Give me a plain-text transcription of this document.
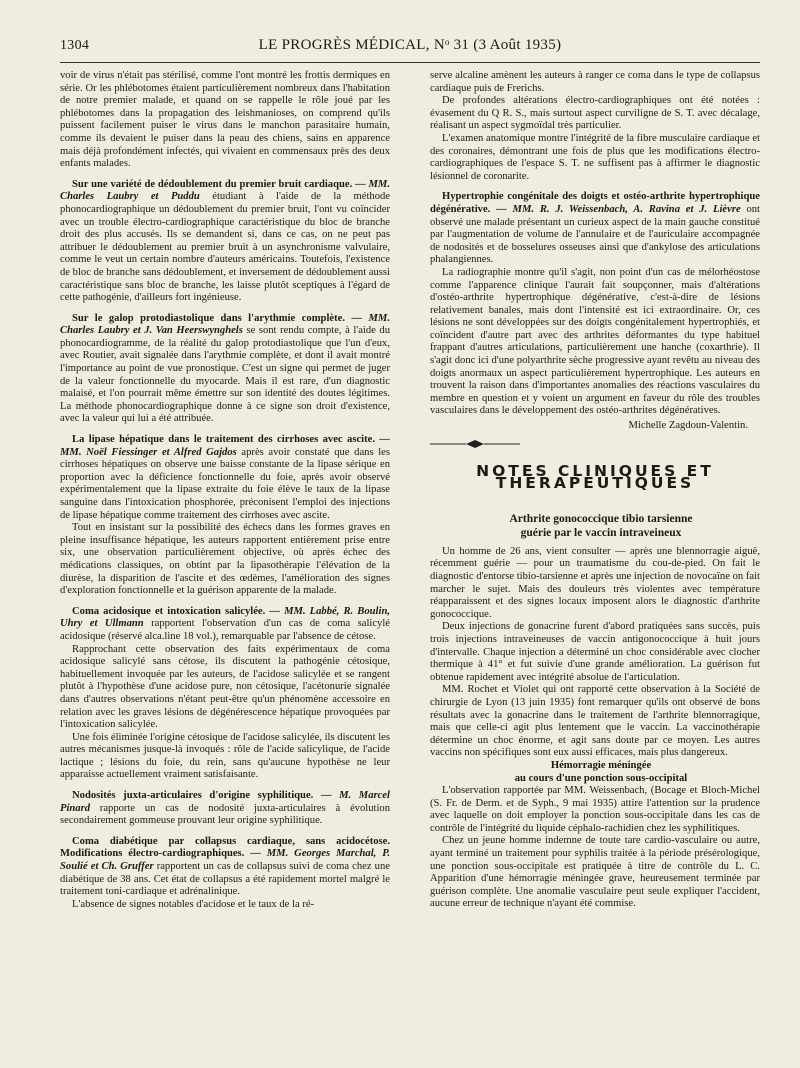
1304	LE PROGRÈS MÉDICAL, Nᵒ 31 (3 Août 1935)

voir de virus n'était pas stérilisé, comme l'ont montré les frottis dermiques en série. Or les phlébotomes étaient particulièrement nombreux dans l'habitation de notre premier malade, et quand on se rappelle le rôle joué par les phlébotomes dans la propagation des leishmanioses, on comprend qu'ils puissent facilement puiser le virus dans le manchon parasitaire humain, comme ils devaient le puiser dans la peau des chiens, sains en apparence mais déjà profondément infectés, qui vivaient en commensaux près des deux enfants malades.

Sur une variété de dédoublement du premier bruit cardiaque. — MM. Charles Laubry et Puddu étudiant à l'aide de la méthode phonocardiographique un dédoublement du premier bruit, l'ont vu coïncider avec un trouble électro-cardiographique caractéristique du bloc de branche droit des plus accusés. Ils se demandent si, dans ce cas, on ne peut pas attribuer le dédoublement au premier bruit à un asynchronisme valvulaire, comme le veut un certain nombre d'auteurs américains. Toutefois, l'existence de bloc de branche sans dédoublement, et inversement de dédoublement aussi caractéristique sans bloc de branche, les laisse plutôt sceptiques à l'égard de cette pathogénie, d'ailleurs fort ingénieuse.

Sur le galop protodiastolique dans l'arythmie complète. — MM. Charles Laubry et J. Van Heerswynghels se sont rendu compte, à l'aide du phonocardiogramme, de la réalité du galop protodiastolique que l'un d'eux, avec Routier, avait signalée dans l'arythmie complète, et dont il avait montré l'importance au point de vue pronostique. C'est un signe qui permet de juger de la valeur fonctionnelle du myocarde. Mais il est rare, d'un diagnostic malaisé, et l'on pourrait même émettre sur son identité des doutes légitimes. La méthode phonocardiographique donne à ce signe son droit d'existence, avec la valeur qui lui a été attribuée.

La lipase hépatique dans le traitement des cirrhoses avec ascite. — MM. Noël Fiessinger et Alfred Gajdos après avoir constaté que dans les cirrhoses hépatiques on observe une baisse constante de la lipase sérique en proportion avec la déficience fonctionnelle du foie, après avoir observé expérimentalement que la lipase extraite du foie élève le taux de la lipase sanguine dans l'intoxication phosphorée, préconisent l'emploi des injections de lipase hépatique comme traitement des cirrhoses avec ascite.

Tout en insistant sur la possibilité des échecs dans les formes graves en pleine insuffisance hépatique, les auteurs rapportent entièrement prise entre six, une observation particulièrement objective, où après échec des médications classiques, on obtint par la lipasothérapie l'élévation de la diurèse, la disparition de l'ascite et des œdèmes, l'amélioration des signes d'exploration fonctionnelle et la guérison apparente de la malade.

Coma acidosique et intoxication salicylée. — MM. Labbé, R. Boulin, Uhry et Ullmann rapportent l'observation d'un cas de coma salicylé acidosique (réservé alca.line 18 vol.), remarquable par l'absence de cétose.

Rapprochant cette observation des faits expérimentaux de coma acidosique salicylé sans cétose, ils discutent la pathogénie cétosique, habituellement invoquée par les auteurs, de l'acidose salicylée et se rangent plutôt à l'hypothèse d'une acidose pure, non cétosique, l'acétonurie signalée dans d'autres observations n'étant peut-être qu'un phénomène accessoire en relation avec les graves lésions de dégénérescence hépatique provoquées par l'intoxication salicylée.

Une fois éliminée l'origine cétosique de l'acidose salicylée, ils discutent les autres mécanismes jusque-là invoqués : rôle de l'acide salicylique, de l'acide lactique ; lésions du foie, du rein, sans qu'aucune hypothèse ne leur apparaisse actuellement vraiment satisfaisante.

Nodosités juxta-articulaires d'origine syphilitique. — M. Marcel Pinard rapporte un cas de nodosité juxta-articulaires à évolution secondairement gommeuse prouvant leur origine syphilitique.

Coma diabétique par collapsus cardiaque, sans acidocétose. Modifications électro-cardiographiques. — MM. Georges Marchal, P. Soulié et Ch. Gruffer rapportent un cas de collapsus suivi de coma chez une diabétique de 38 ans. Cet état de collapsus a été rapidement mortel malgré le traitement toni-cardiaque et adrénalinique.

L'absence de signes notables d'acidose et le taux de la ré-

serve alcaline amènent les auteurs à ranger ce coma dans le type de collapsus cardiaque puis de Frerichs.

De profondes altérations électro-cardiographiques ont été notées : évasement du Q R. S., mais surtout aspect curviligne de S. T. avec décalage, réalisant un aspect sygmoïdal très particulier.

L'examen anatomique montre l'intégrité de la fibre musculaire cardiaque et des coronaires, démontrant une fois de plus que les modifications électro-cardiographiques de l'espace S. T. ne suffisent pas à affirmer le diagnostic lésionnel de coronarite.

Hypertrophie congénitale des doigts et ostéo-arthrite hypertrophique dégénérative. — MM. R. J. Weissenbach, A. Ravina et J. Lièvre ont observé une malade présentant un curieux aspect de la main gauche constitué par l'augmentation de volume de l'annulaire et de l'auriculaire accompagnée de nodosités et de bosselures osseuses ainsi que d'ankylose des articulations phalangiennes.

La radiographie montre qu'il s'agit, non point d'un cas de mélorhéostose comme l'apparence clinique l'aurait fait soupçonner, mais d'altérations d'ostéo-arthrite hypertrophique dégénérative, c'est-à-dire de lésions relativement banales, mais dont l'intensité est ici extraordinaire. Or, ces lésions ne sont développées sur des doigts congénitalement hypertrophiés, et coïncident d'autre part avec des arthrites déformantes du type habituel frappant d'autres articulations, particulièrement une hanche (coxarthrie). Il s'agit donc ici d'une polyarthrite sèche progressive ayant revêtu au niveau des doigts anormaux un aspect particulièrement hypertrophique. Les auteurs en trouvent la raison dans d'importantes anomalies des réactions vasculaires du membre en question et y voient un argument en faveur du rôle des troubles vasculaires dans le développement des ostéo-arthrites dégénératives.

Michelle Zagdoun-Valentin.

NOTES CLINIQUES ET THÉRAPEUTIQUES

Arthrite gonococcique tibio tarsienne

guérie par le vaccin intraveineux

Un homme de 26 ans, vient consulter — après une blennorragie aiguë, récemment guérie — pour un traumatisme du cou-de-pied. On fait le diagnostic d'entorse tibio-tarsienne et après une injection de novocaïne on fait marcher le sujet. Mais des douleurs très violentes avec température réapparaissent et des signes locaux imposent alors le diagnostic d'arthrite gonococcique.

Deux injections de gonacrine furent d'abord pratiquées sans succès, puis trois injections intraveineuses de vaccin antigonococcique à huit jours d'intervalle. Chaque injection a déterminé un choc considérable avec clocher thermique à 41° et fut suivie d'une grande amélioration. La guérison fut obtenue rapidement avec intégrité absolue de l'articulation.

MM. Rochet et Violet qui ont rapporté cette observation à la Société de chirurgie de Lyon (13 juin 1935) font remarquer qu'ils ont observé de bons résultats avec la gonacrine dans le traitement de l'arthrite blennorragique, mais que celle-ci agit plus lentement que le vaccin. La vaccinothérapie détermine un choc énorme, et agit sans doute par ce moyen. Les autres vaccins non spécifiques sont eux aussi efficaces, mais plus dangereux.

Hémorragie méningée

au cours d'une ponction sous-occipital

L'observation rapportée par MM. Weissenbach, (Bocage et Bloch-Michel (S. Fr. de Derm. et de Syph., 9 mai 1935) attire l'attention sur la prudence avec laquelle on doit employer la ponction sous-occipitale dans les cas de contrôle de l'intégrité du liquide céphalo-rachidien chez les syphilitiques.

Chez un jeune homme indemne de toute tare cardio-vasculaire ou autre, ayant terminé un traitement pour syphilis traitée à la période présérologique, une ponction sous-occipitale est pratiquée à titre de contrôle du L. C. Apparition d'une hémorragie méningée grave, heureusement terminée par guérison complète. Une anomalie vasculaire peut seule expliquer l'accident, aucune erreur de technique n'ayant été commise.
